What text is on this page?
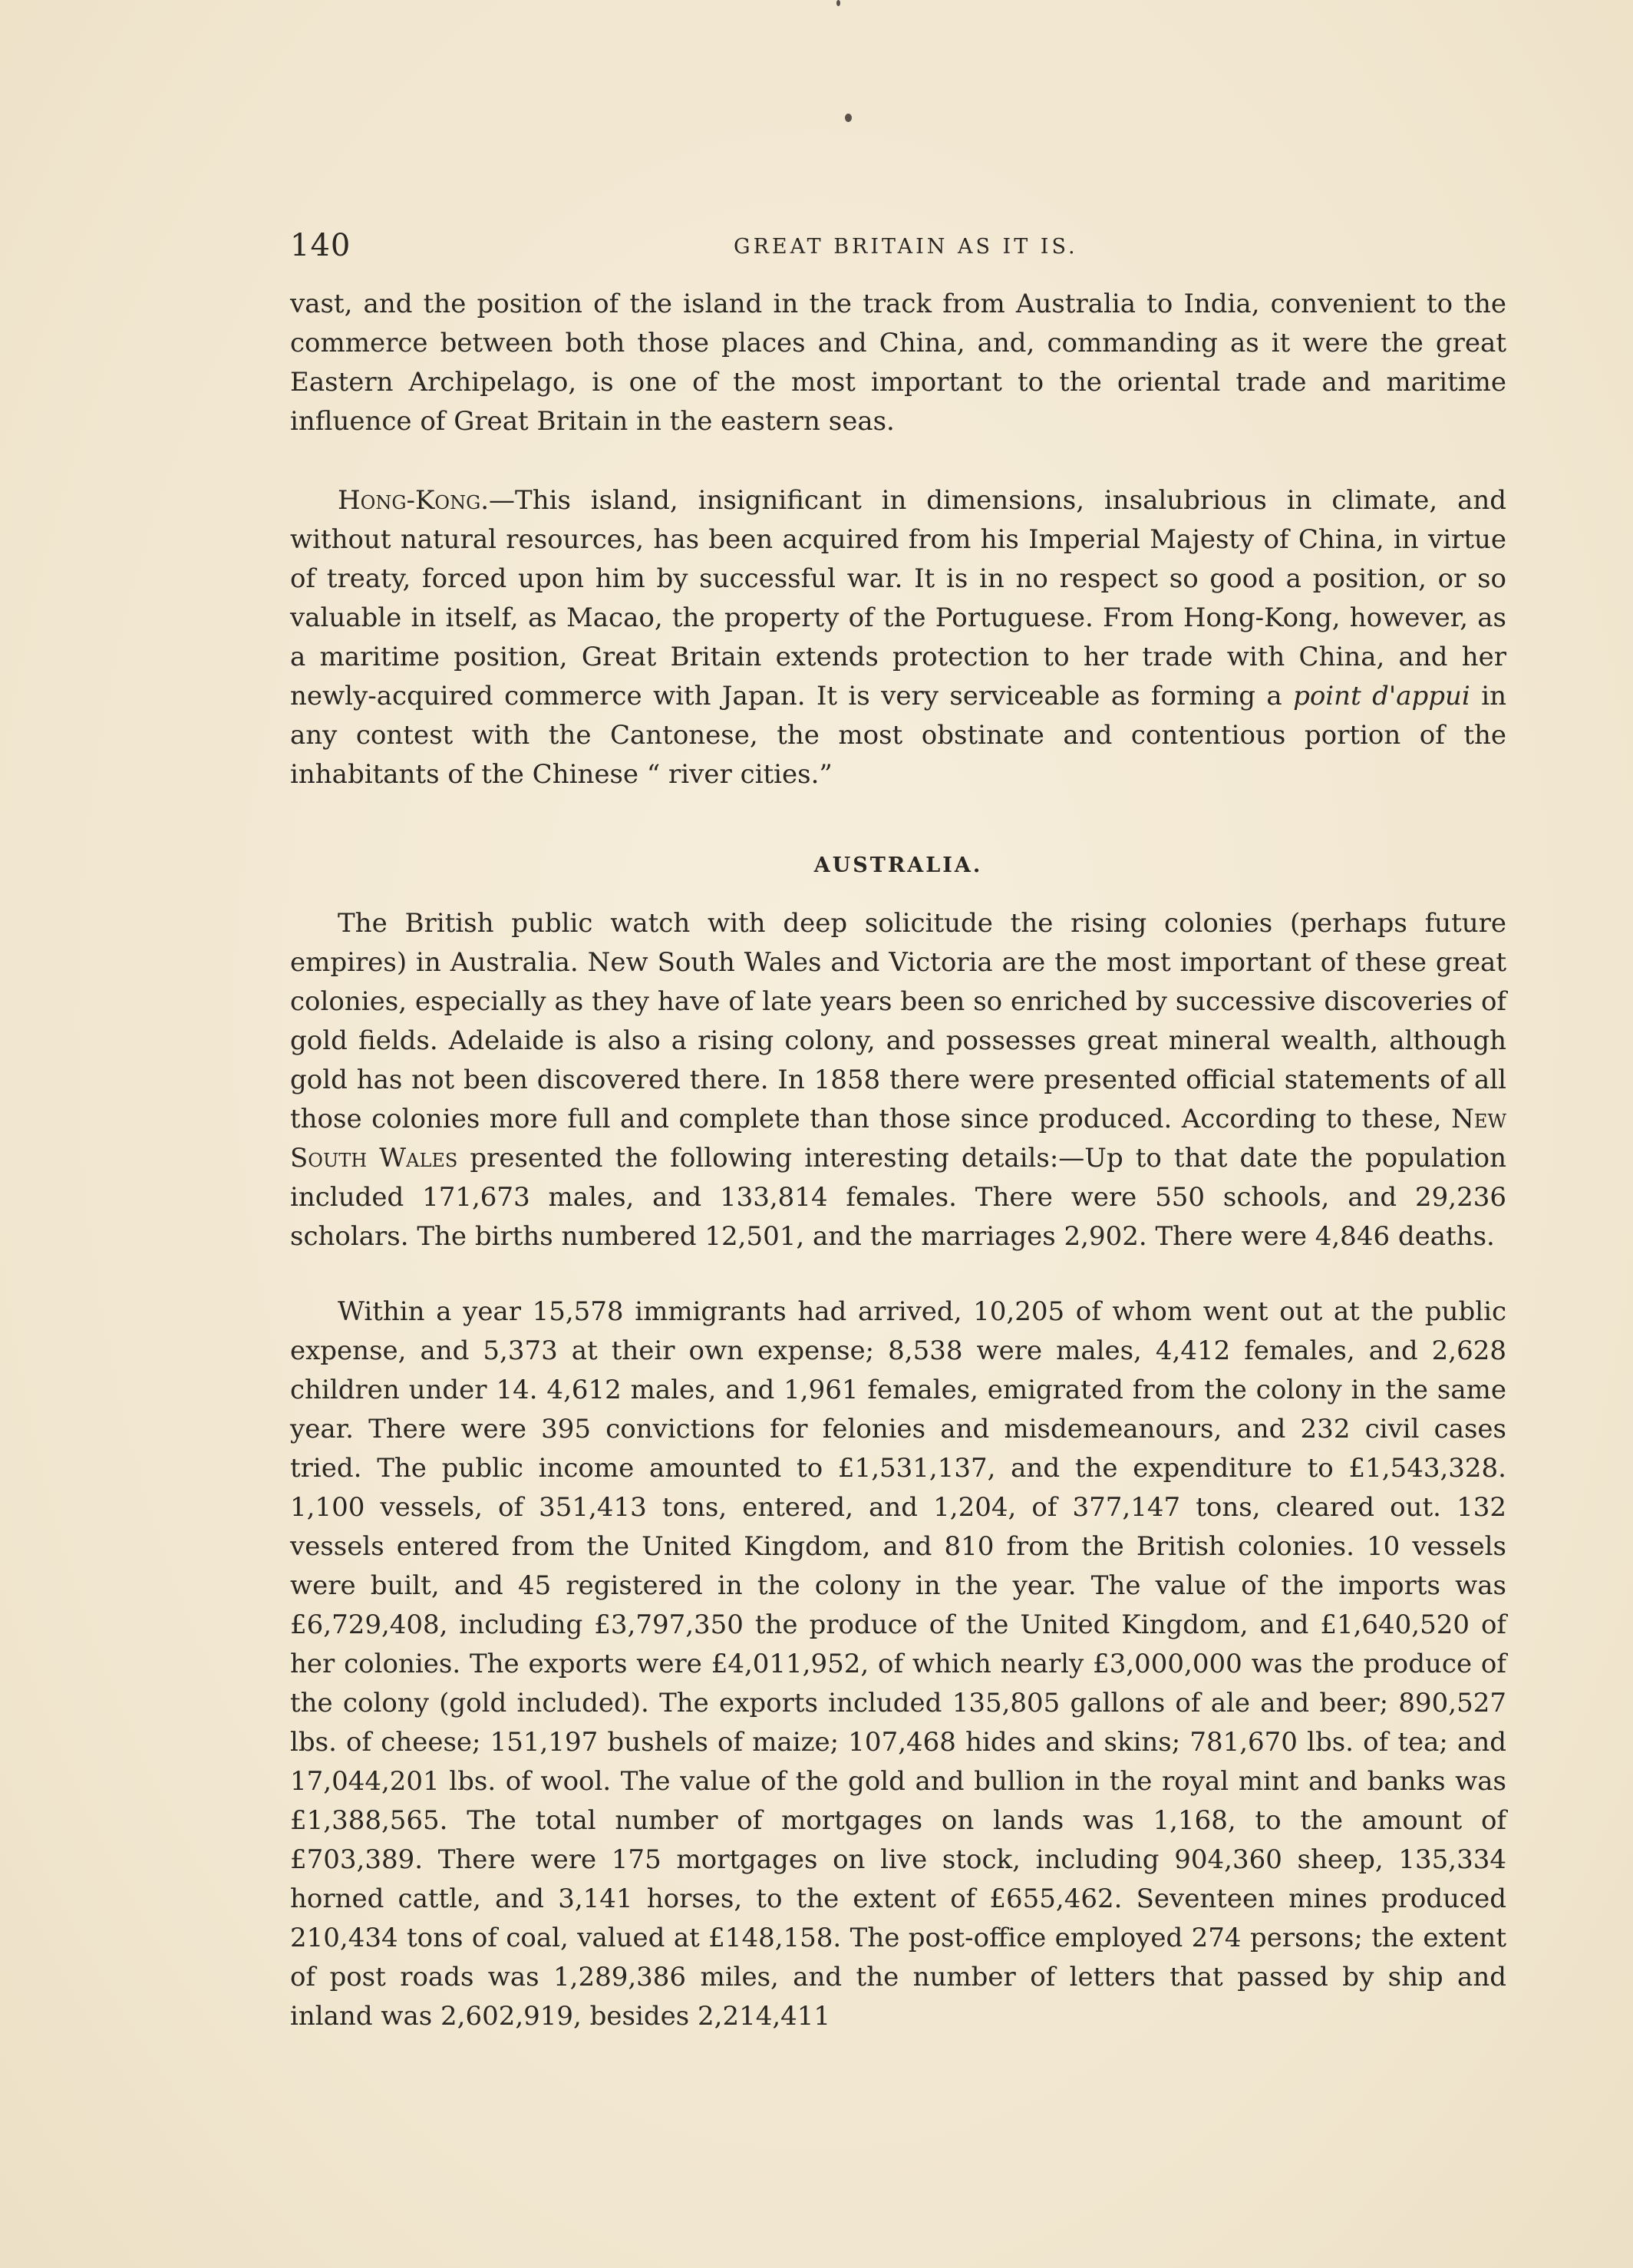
140	GREAT BRITAIN AS IT IS.

vast, and the position of the island in the track from Australia to India, convenient to the commerce between both those places and China, and, commanding as it were the great Eastern Archipelago, is one of the most important to the oriental trade and maritime influence of Great Britain in the eastern seas.

Hong-Kong.—This island, insignificant in dimensions, insalubrious in climate, and without natural resources, has been acquired from his Imperial Majesty of China, in virtue of treaty, forced upon him by successful war. It is in no respect so good a position, or so valuable in itself, as Macao, the property of the Portuguese. From Hong-Kong, however, as a maritime position, Great Britain extends protection to her trade with China, and her newly-acquired commerce with Japan. It is very serviceable as forming a point d'appui in any contest with the Cantonese, the most obstinate and contentious portion of the inhabitants of the Chinese “ river cities.”

AUSTRALIA.

The British public watch with deep solicitude the rising colonies (perhaps future empires) in Australia. New South Wales and Victoria are the most important of these great colonies, especially as they have of late years been so enriched by successive discoveries of gold fields. Adelaide is also a rising colony, and possesses great mineral wealth, although gold has not been discovered there. In 1858 there were presented official statements of all those colonies more full and complete than those since produced. According to these, New South Wales presented the following interesting details:—Up to that date the population included 171,673 males, and 133,814 females. There were 550 schools, and 29,236 scholars. The births numbered 12,501, and the marriages 2,902. There were 4,846 deaths.

Within a year 15,578 immigrants had arrived, 10,205 of whom went out at the public expense, and 5,373 at their own expense; 8,538 were males, 4,412 females, and 2,628 children under 14. 4,612 males, and 1,961 females, emigrated from the colony in the same year. There were 395 convictions for felonies and misdemeanours, and 232 civil cases tried. The public income amounted to £1,531,137, and the expenditure to £1,543,328. 1,100 vessels, of 351,413 tons, entered, and 1,204, of 377,147 tons, cleared out. 132 vessels entered from the United Kingdom, and 810 from the British colonies. 10 vessels were built, and 45 registered in the colony in the year. The value of the imports was £6,729,408, including £3,797,350 the produce of the United Kingdom, and £1,640,520 of her colonies. The exports were £4,011,952, of which nearly £3,000,000 was the produce of the colony (gold included). The exports included 135,805 gallons of ale and beer; 890,527 lbs. of cheese; 151,197 bushels of maize; 107,468 hides and skins; 781,670 lbs. of tea; and 17,044,201 lbs. of wool. The value of the gold and bullion in the royal mint and banks was £1,388,565. The total number of mortgages on lands was 1,168, to the amount of £703,389. There were 175 mortgages on live stock, including 904,360 sheep, 135,334 horned cattle, and 3,141 horses, to the extent of £655,462. Seventeen mines produced 210,434 tons of coal, valued at £148,158. The post-office employed 274 persons; the extent of post roads was 1,289,386 miles, and the number of letters that passed by ship and inland was 2,602,919, besides 2,214,411
